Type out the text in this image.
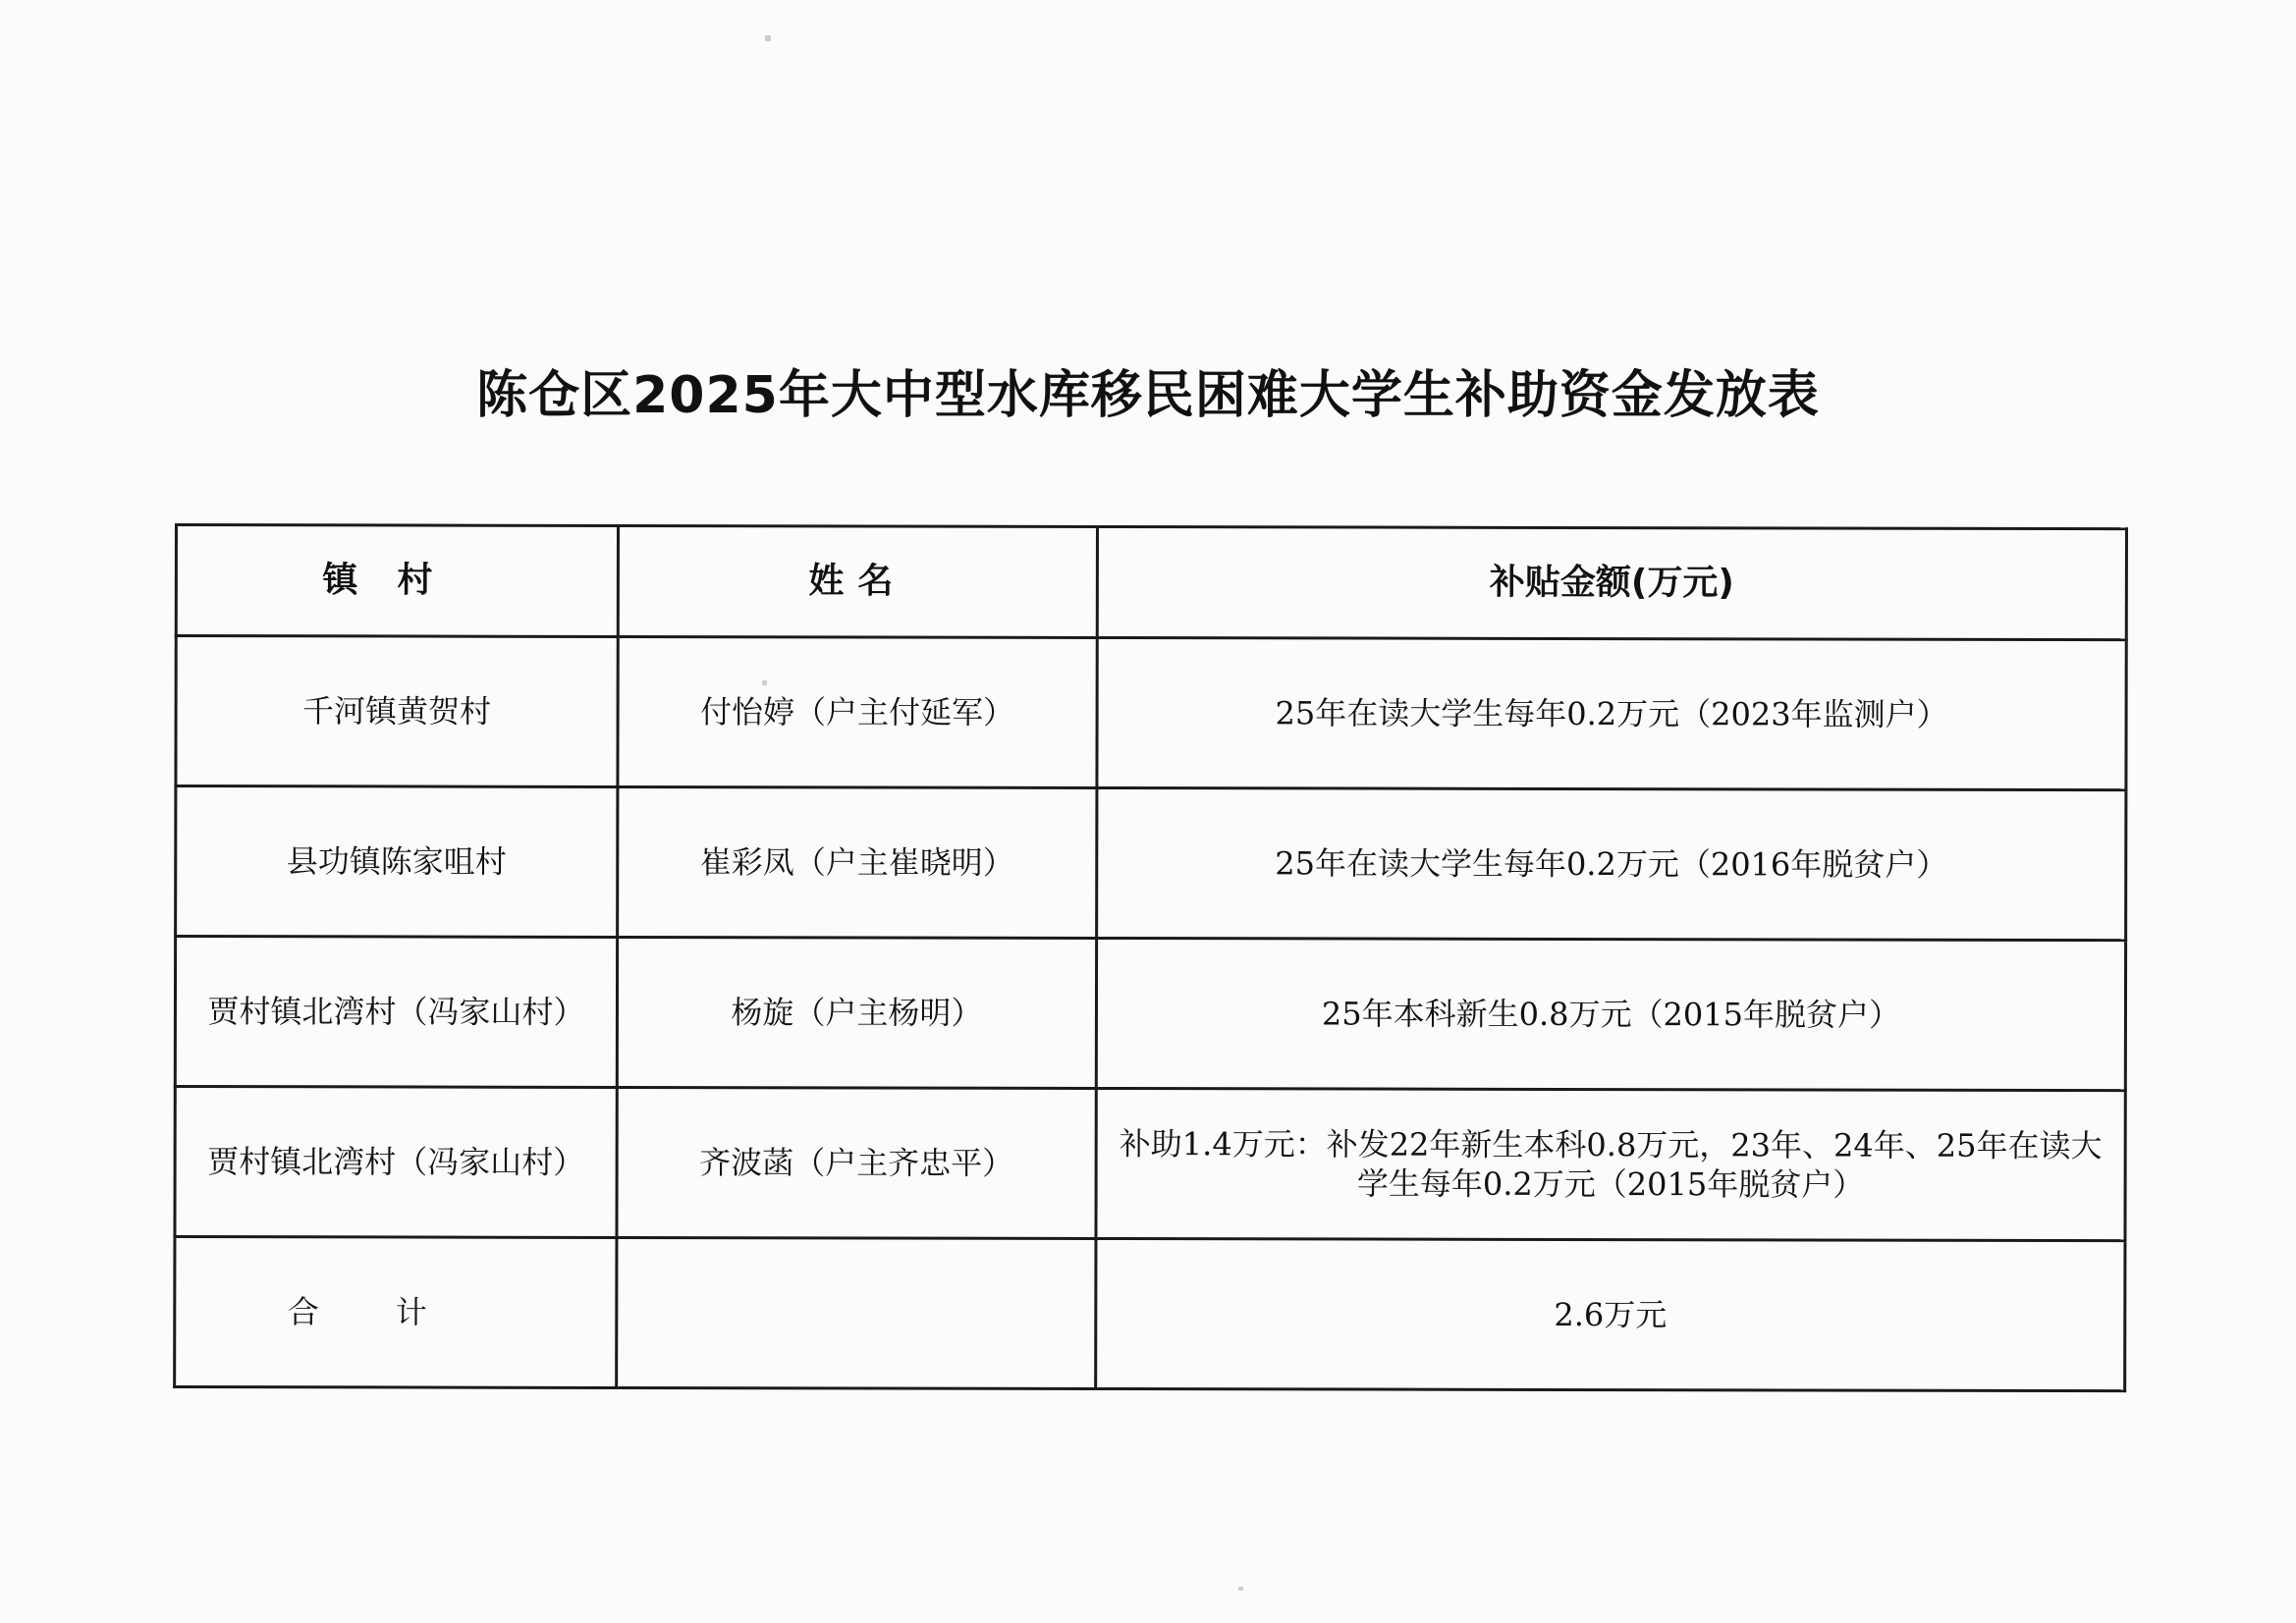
陈仓区2025年大中型水库移民困难大学生补助资金发放表
镇村	姓名	补贴金额(万元)
千河镇黄贺村	付怡婷（户主付延军）	25年在读大学生每年0.2万元（2023年监测户）
县功镇陈家咀村	崔彩凤（户主崔晓明）	25年在读大学生每年0.2万元（2016年脱贫户）
贾村镇北湾村（冯家山村）	杨旋（户主杨明）	25年本科新生0.8万元（2015年脱贫户）
贾村镇北湾村（冯家山村）	齐波菡（户主齐忠平）	补助1.4万元：补发22年新生本科0.8万元，23年、24年、25年在读大学生每年0.2万元（2015年脱贫户）
合计		2.6万元
